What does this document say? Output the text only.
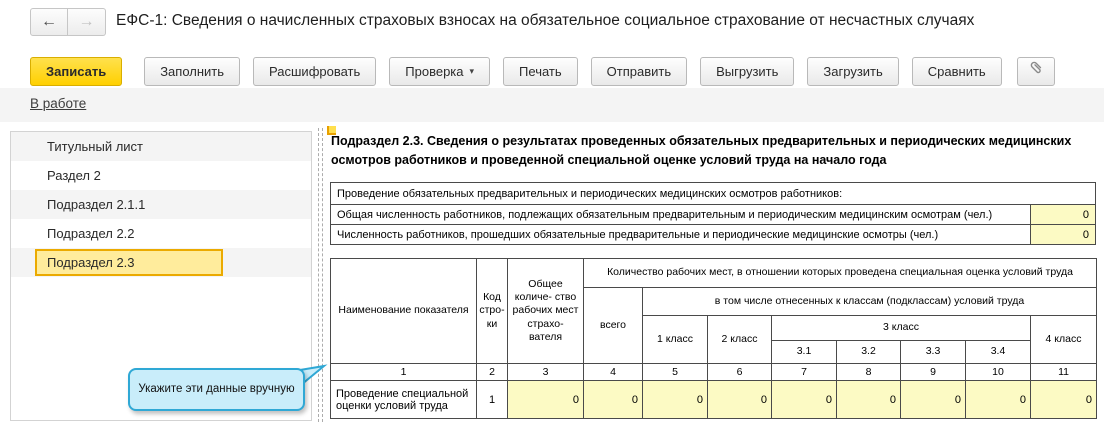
← → ЕФС-1: Сведения о начисленных страховых взносах на обязательное социальное страхование от несчастных случаях
Записать	Заполнить	Расшифровать	Проверка ▾	Печать	Отправить	Выгрузить	Загрузить	Сравнить
В работе
Титульный лист
Раздел 2
Подраздел 2.1.1
Подраздел 2.2
Подраздел 2.3
Подраздел 2.3. Сведения о результатах проведенных обязательных предварительных и периодических медицинских осмотров работников и проведенной специальной оценке условий труда на начало года
Проведение обязательных предварительных и периодических медицинских осмотров работников:	
Общая численность работников, подлежащих обязательным предварительным и периодическим медицинским осмотрам (чел.)	0
Численность работников, прошедших обязательные предварительные и периодические медицинские осмотры (чел.)	0
Наименование показателя	Код стро- ки	Общее количе- ство рабочих мест страхо- вателя	Количество рабочих мест, в отношении которых проведена специальная оценка условий труда							
			всего	в том числе отнесенных к классам (подклассам) условий труда						
				1 класс	2 класс	3 класс				4 класс
						3.1	3.2	3.3	3.4	
1	2	3	4	5	6	7	8	9	10	11
Проведение специальной оценки условий труда	1	0	0	0	0	0	0	0	0	0
Укажите эти данные вручную
